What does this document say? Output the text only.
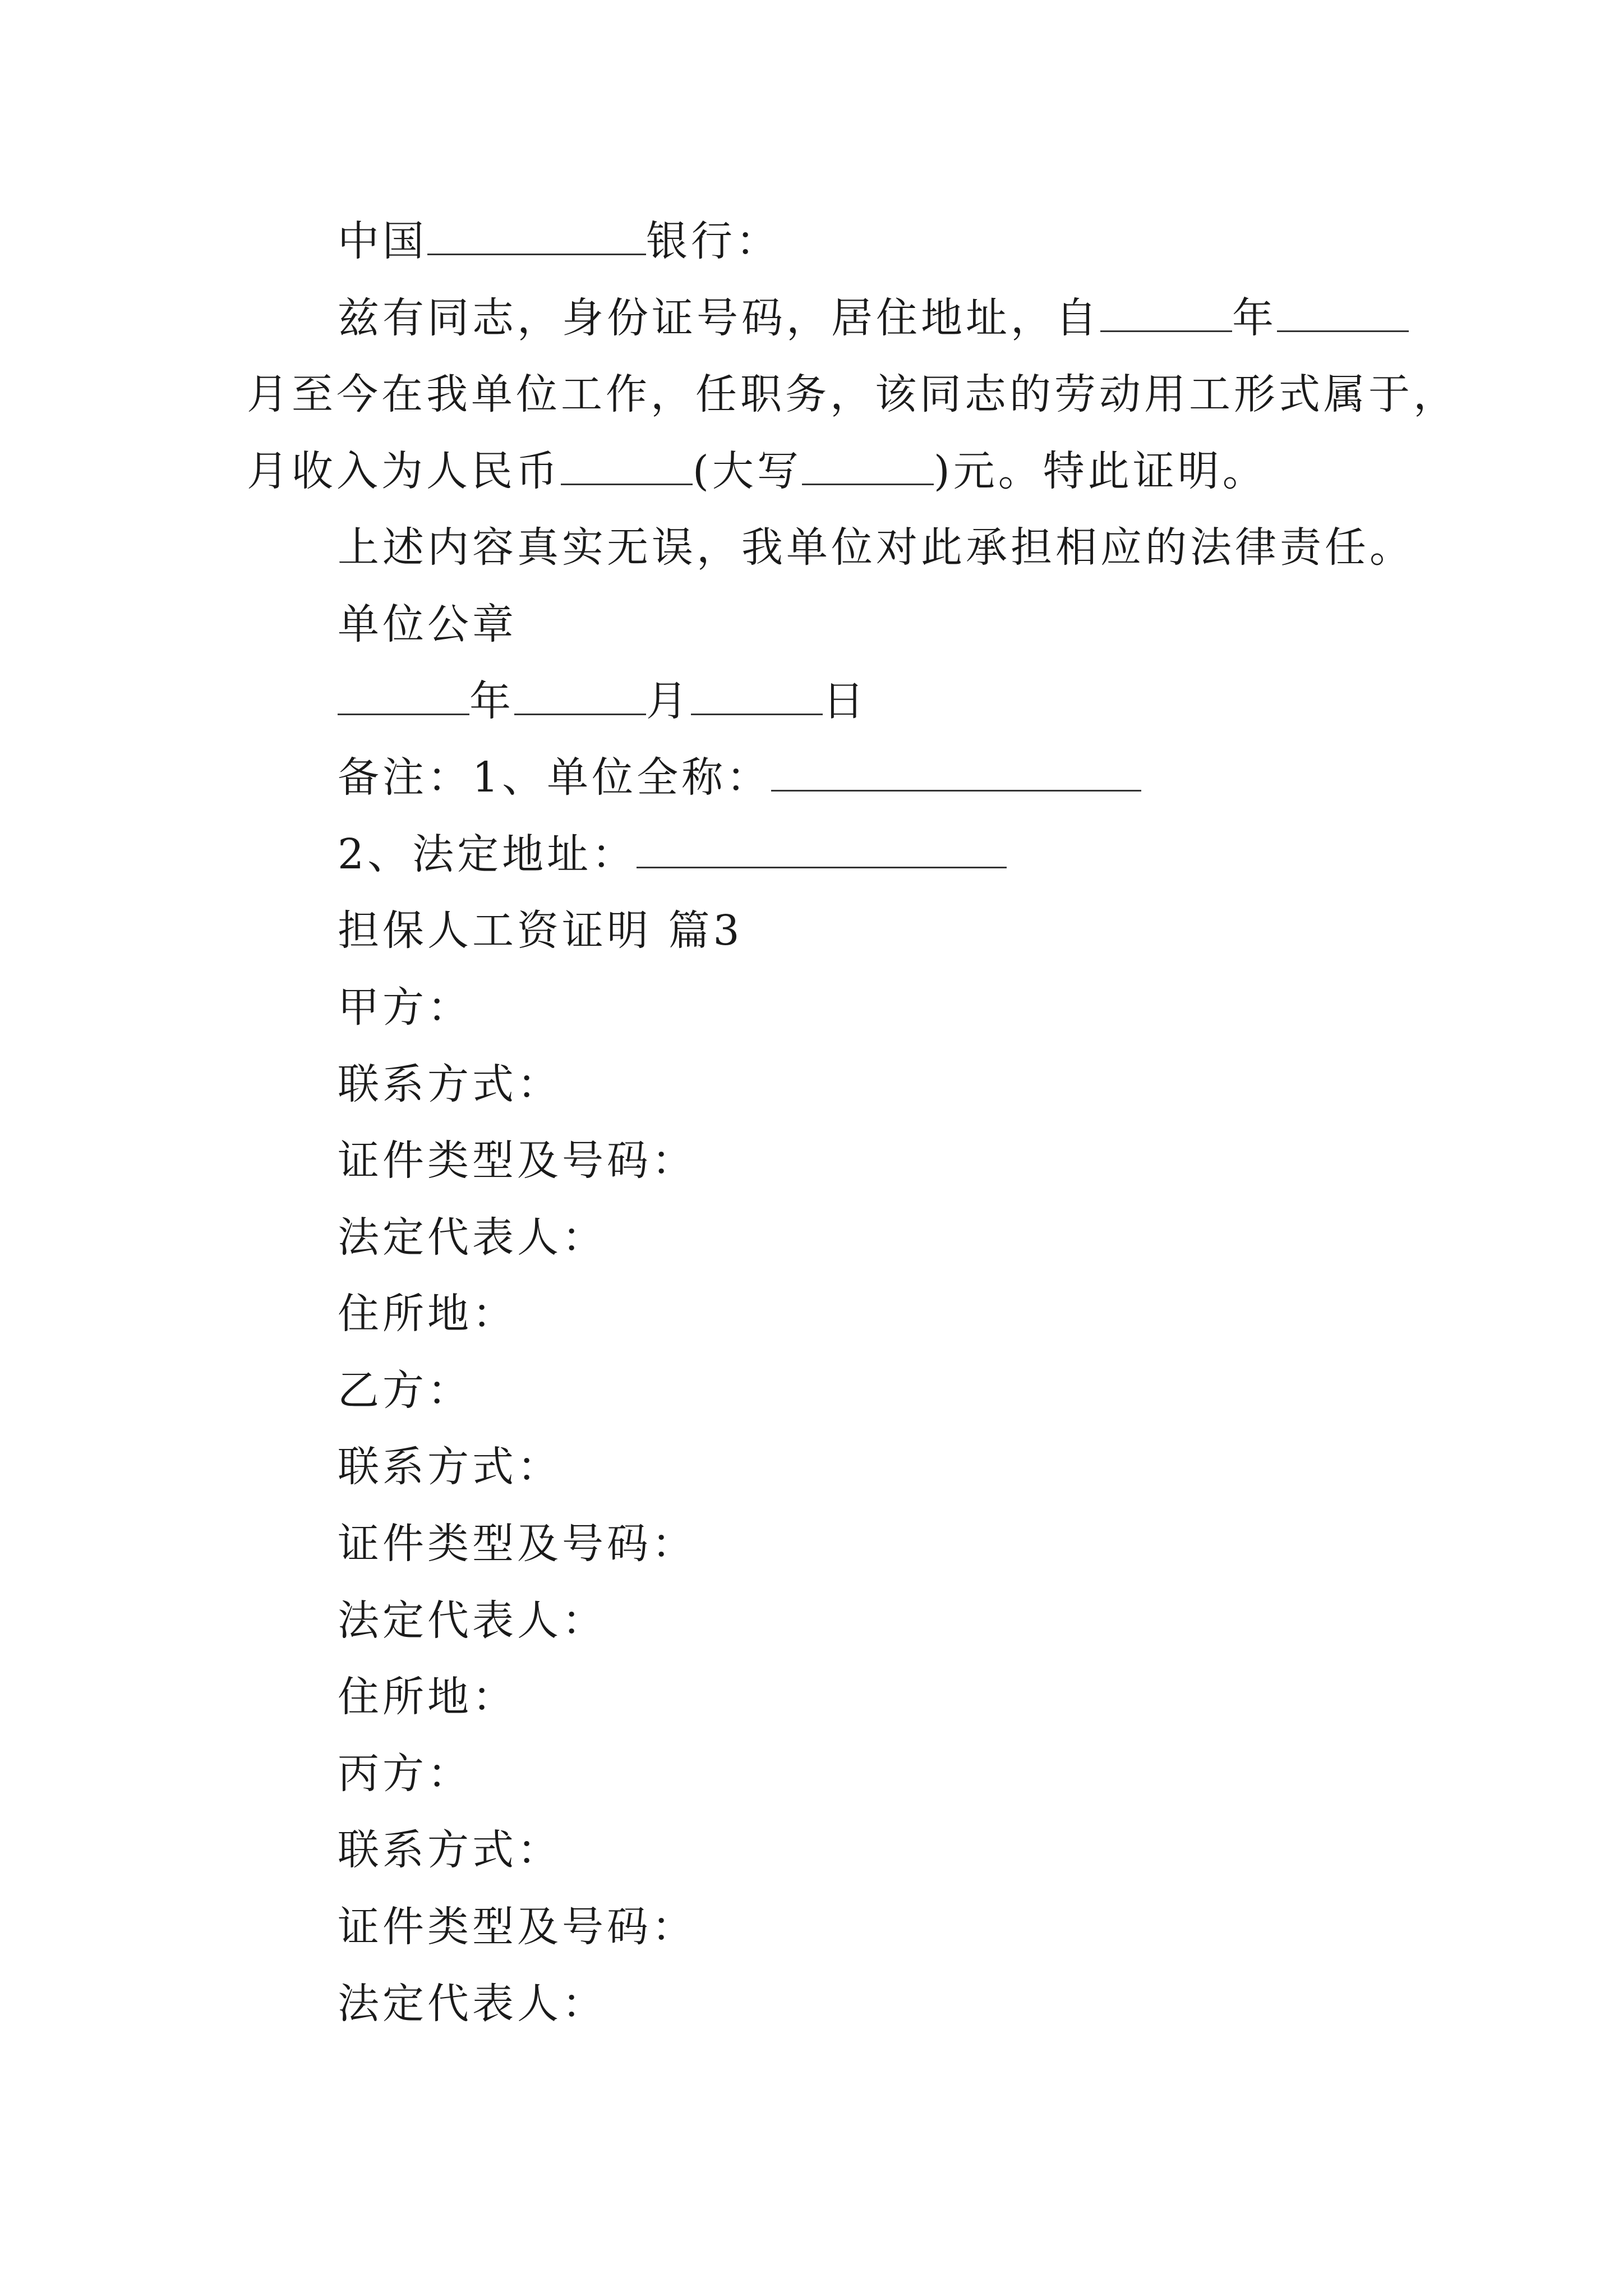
中国	银行：
兹有同志，身份证号码，居住地址，自	年
月至今在我单位工作，任职务，该同志的劳动用工形式属于，
月收入为人民币	(大写	)元。特此证明。
上述内容真实无误，我单位对此承担相应的法律责任。
单位公章
年	月	日
备注：1、单位全称：
2、法定地址：
担保人工资证明 篇3
甲方：
联系方式：
证件类型及号码：
法定代表人：
住所地：
乙方：
联系方式：
证件类型及号码：
法定代表人：
住所地：
丙方：
联系方式：
证件类型及号码：
法定代表人：
